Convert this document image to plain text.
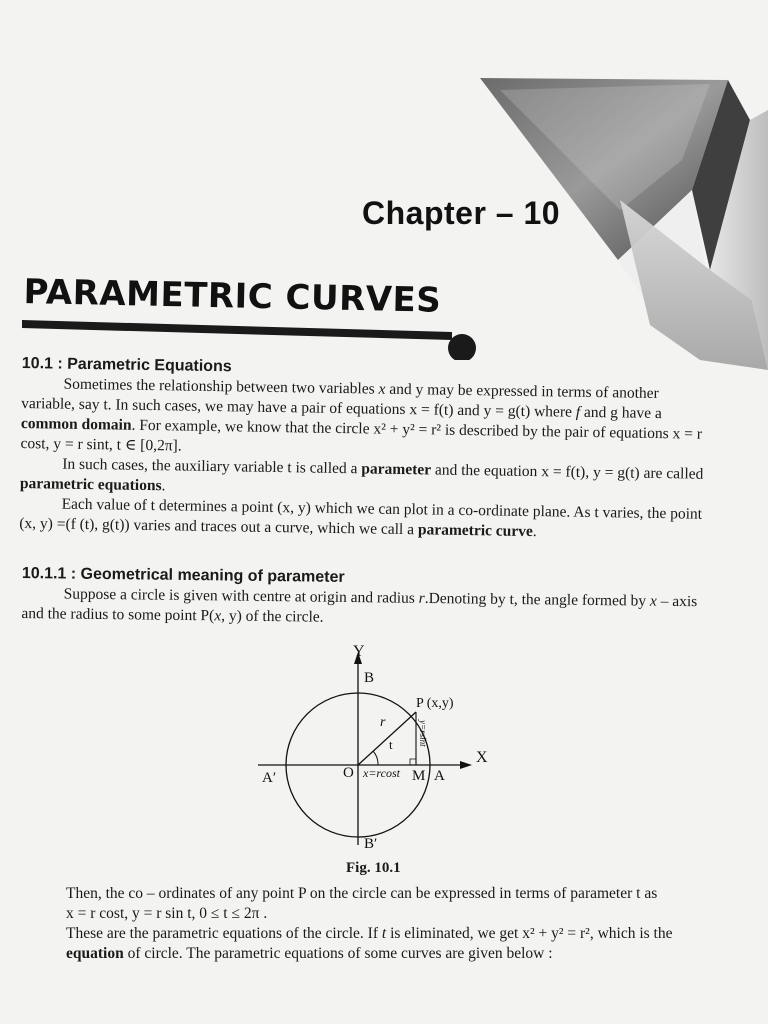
Chapter – 10
PARAMETRIC CURVES

10.1 : Parametric Equations

Sometimes the relationship between two variables x and y may be expressed in terms of another variable, say t. In such cases, we may have a pair of equations x = f(t) and y = g(t) where f and g have a common domain. For example, we know that the circle x² + y² = r² is described by the pair of equations x = r cost, y = r sint, t ∈ [0,2π].

In such cases, the auxiliary variable t is called a parameter and the equation x = f(t), y = g(t) are called parametric equations.

Each value of t determines a point (x, y) which we can plot in a co-ordinate plane. As t varies, the point (x, y) =(f (t), g(t)) varies and traces out a curve, which we call a parametric curve.

10.1.1 : Geometrical meaning of parameter

Suppose a circle is given with centre at origin and radius r.Denoting by t, the angle formed by x – axis and the radius to some point P(x, y) of the circle.

Y
X
B
B′
A
A′	O	M
P (x,y)
r
t
x=rcost
y=rsint
Fig. 10.1

Then, the co – ordinates of any point P on the circle can be expressed in terms of parameter t as

x = r cost, y = r sin t, 0 ≤ t ≤ 2π .

These are the parametric equations of the circle. If t is eliminated, we get x² + y² = r², which is the equation of circle. The parametric equations of some curves are given below :
